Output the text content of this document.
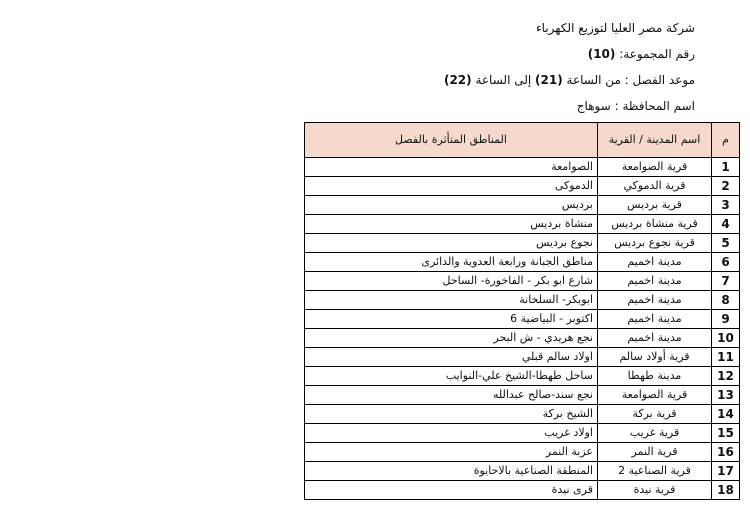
شركة مصر العليا لتوزيع الكهرباء
رقم المجموعة: (10)
موعد الفصل : من الساعة (21) إلى الساعة (22)
اسم المحافظة : سوهاج
م	اسم المدينة / القرية	المناطق المتأثرة بالفصل
1	قرية الصوامعة	الصوامعة
2	قرية الدموكي	الدموكى
3	قرية برديس	برديس
4	قرية منشاة برديس	منشاة برديس
5	قرية نجوع برديس	نجوع برديس
6	مدينة اخميم	مناطق الجبانة ورابعة العدوية والدائرى
7	مدينة اخميم	شارع ابو بكر - الفاخورة- الساحل
8	مدينة اخميم	ابوبكر- السلخانة
9	مدينة اخميم	اكتوبر - البياضية 6
10	مدينة اخميم	نجع هريدي - ش البحر
11	قرية أولاد سالم	اولاد سالم قبلي
12	مدينة طهطا	ساحل طهطا-الشيخ علي-النوايب
13	قرية الصوامعة	نجع سند-صالح عبدالله
14	قرية بركة	الشيخ بركة
15	قرية غريب	اولاد غريب
16	قرية النمر	عزبة النمر
17	قرية الصناعية 2	المنطقة الصناعية بالاحايوة
18	قرية نيدة	قرى نيدة
